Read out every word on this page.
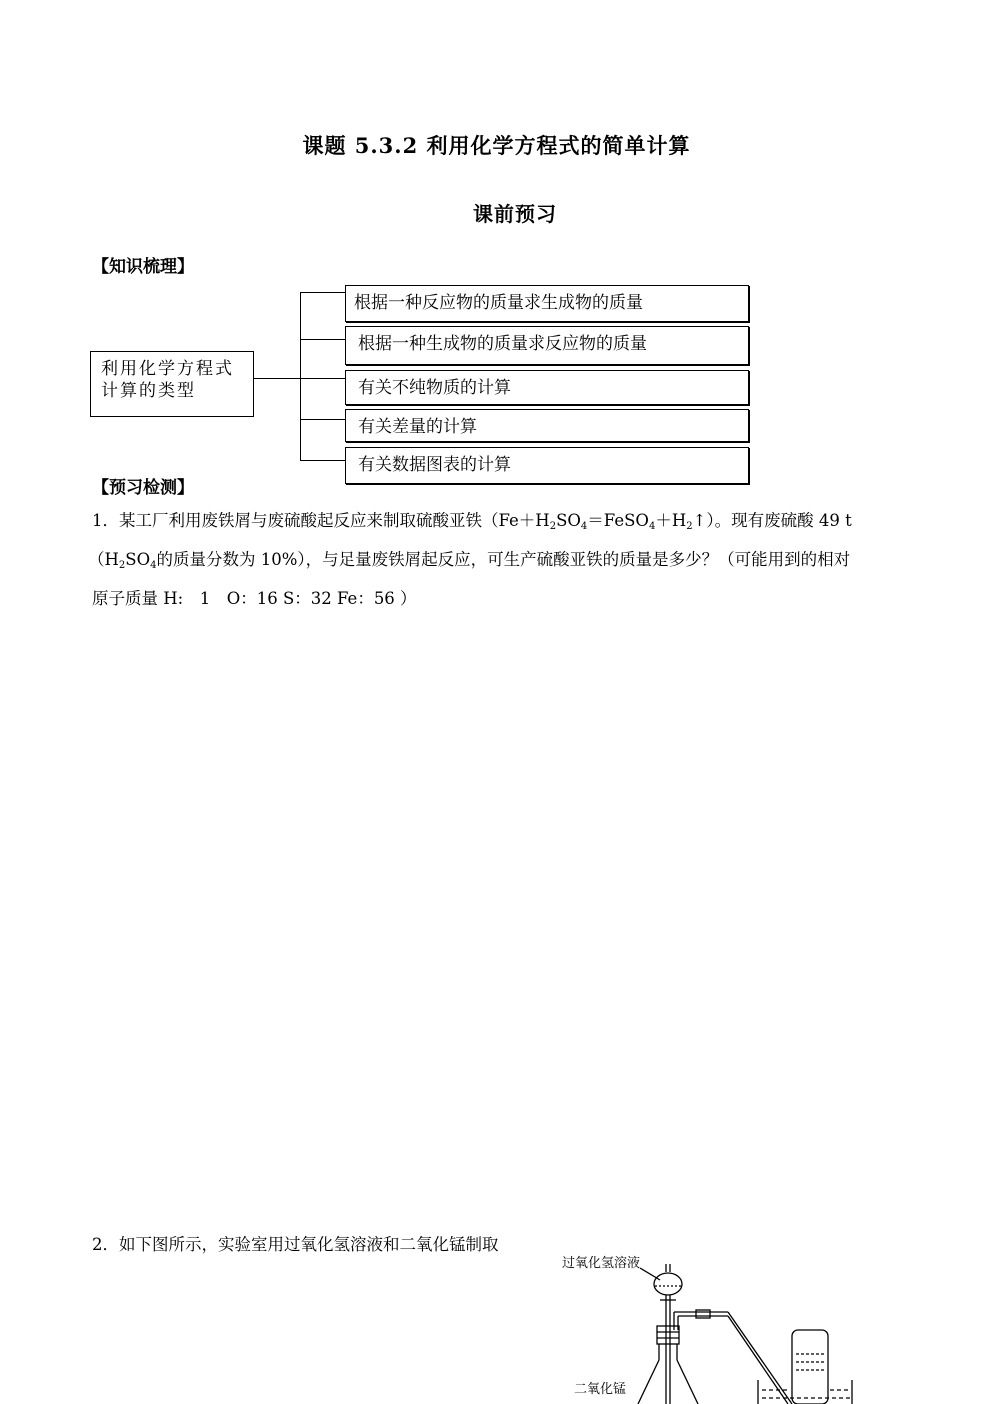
课题 5.3.2 利用化学方程式的简单计算
课前预习
【知识梳理】
利用化学方程式计算的类型
根据一种反应物的质量求生成物的质量
根据一种生成物的质量求反应物的质量
有关不纯物质的计算
有关差量的计算
有关数据图表的计算
【预习检测】
1．某工厂利用废铁屑与废硫酸起反应来制取硫酸亚铁$(Fe+H_2SO_4=FeSO_4+H_2↑)$。现有废硫酸 49 t
（$H_2SO_4$的质量分数为 10%），与足量废铁屑起反应，可生产硫酸亚铁的质量是多少？（可能用到的相对
原子质量 H:　1　O：16 S：32 Fe：56 ）
2．如下图所示，实验室用过氧化氢溶液和二氧化锰制取
过氧化氢溶液
二氧化锰
